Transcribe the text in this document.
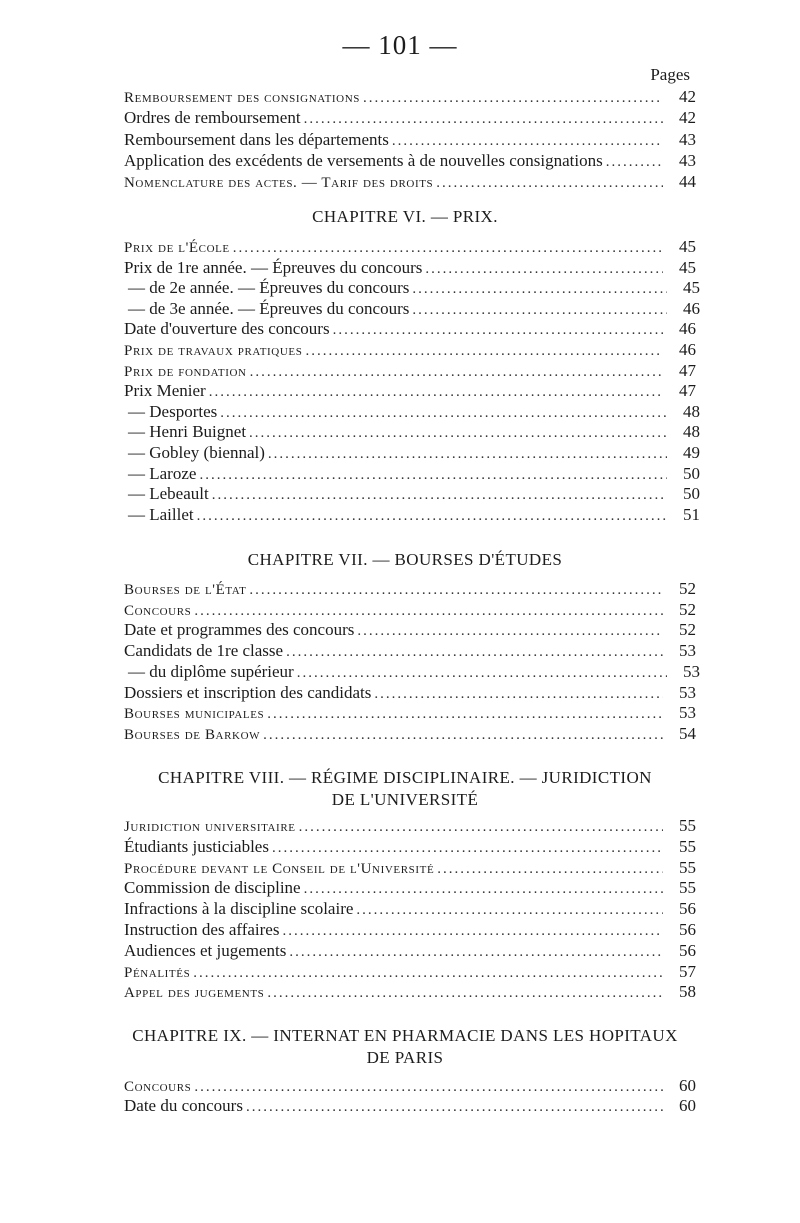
— 101 —
Pages
Remboursement des consignations .....	42
Ordres de remboursement .....	42
Remboursement dans les départements .....	43
Application des excédents de versements à de nouvelles consignations .....	43
Nomenclature des actes. — Tarif des droits .....	44
CHAPITRE VI. — PRIX.
Prix de l'École .....	45
Prix de 1re année. — Épreuves du concours .....	45
— de 2e année. — Épreuves du concours .....	45
— de 3e année. — Épreuves du concours .....	46
Date d'ouverture des concours .....	46
Prix de travaux pratiques .....	46
Prix de fondation .....	47
Prix Menier .....	47
— Desportes .....	48
— Henri Buignet .....	48
— Gobley (biennal) .....	49
— Laroze .....	50
— Lebeault .....	50
— Laillet .....	51
CHAPITRE VII. — BOURSES D'ÉTUDES
Bourses de l'État .....	52
Concours .....	52
Date et programmes des concours .....	52
Candidats de 1re classe .....	53
— du diplôme supérieur .....	53
Dossiers et inscription des candidats .....	53
Bourses municipales .....	53
Bourses de Barkow .....	54
CHAPITRE VIII. — RÉGIME DISCIPLINAIRE. — JURIDICTION
DE L'UNIVERSITÉ
Juridiction universitaire .....	55
Étudiants justiciables .....	55
Procédure devant le Conseil de l'Université .....	55
Commission de discipline .....	55
Infractions à la discipline scolaire .....	56
Instruction des affaires .....	56
Audiences et jugements .....	56
Pénalités .....	57
Appel des jugements .....	58
CHAPITRE IX. — INTERNAT EN PHARMACIE DANS LES HOPITAUX
DE PARIS
Concours .....	60
Date du concours .....	60
